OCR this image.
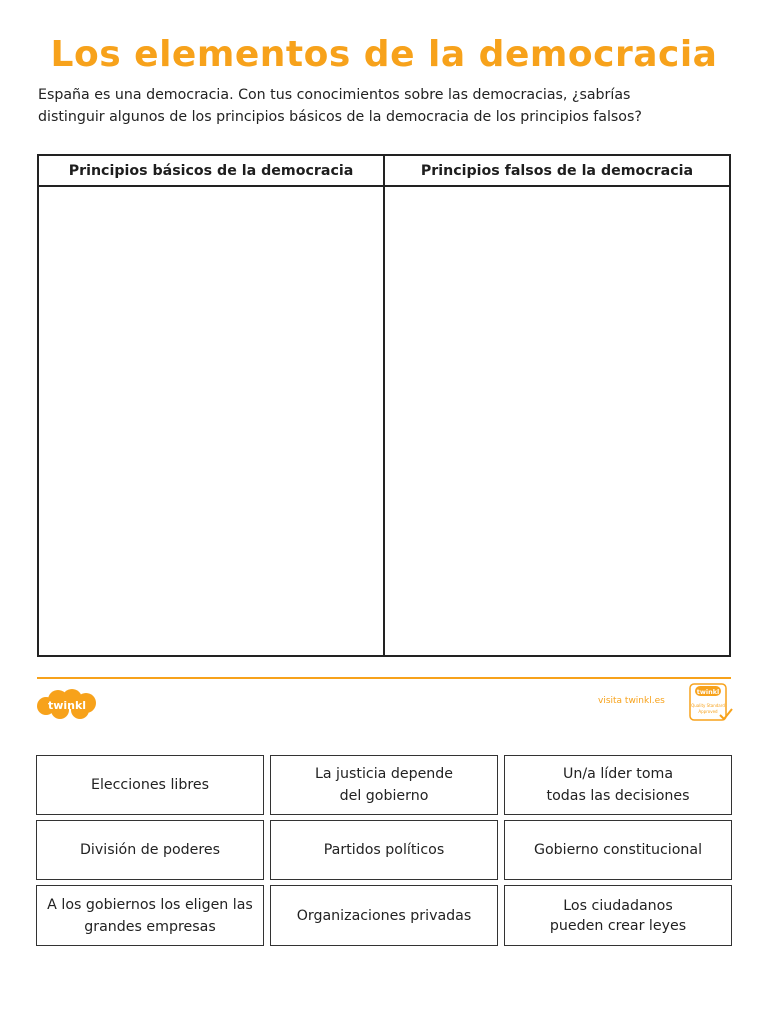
Los elementos de la democracia
España es una democracia. Con tus conocimientos sobre las democracias, ¿sabrías
distinguir algunos de los principios básicos de la democracia de los principios falsos?
Principios básicos de la democracia	Principios falsos de la democracia
twinkl	visita twinkl.es
twinkl
Quality Standard
Approved
Elecciones libres
La justicia depende
del gobierno
Un/a líder toma
todas las decisiones
División de poderes	Partidos políticos	Gobierno constitucional
A los gobiernos los eligen las
grandes empresas
Organizaciones privadas
Los ciudadanos
pueden crear leyes
